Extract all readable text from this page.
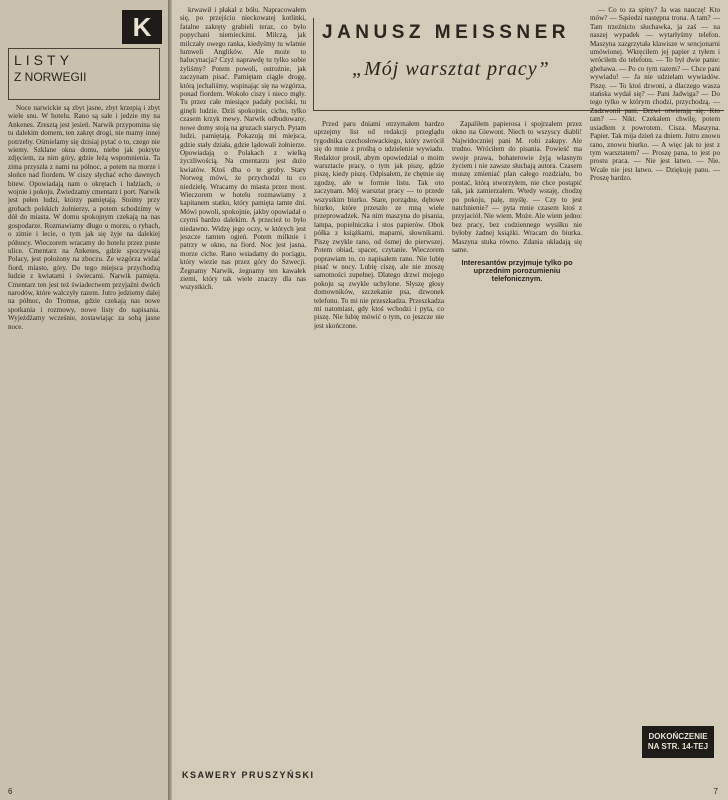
K
LISTY
Z NORWEGII

Noce narwickie są zbyt jasne, zbyt krzepią i zbyt wiele snu. W hotelu. Rano są sale i jedzie my na Ankenes. Zresztą jest jesień. Narwik przypomina się tu dalekim domem, ten zakręt drogi, nie mamy innej potrzeby. Ośmielamy się dzisiaj pytać o to, czego nie wiemy. Szklane okna domu, niebo jak pokryte zdjęciem, za nim góry, gdzie leżą wspomnienia. Ta zima przyszła z nami na północ, a potem na morze i słońce nad fiordem. W ciszy słychać echo dawnych bitew. Opowiadają nam o okrętach i ludziach, o wojnie i pokoju. Zwiedzamy cmentarz i port. Narwik jest pełen ludzi, którzy pamiętają. Stoimy przy grobach polskich żołnierzy, a potem schodzimy w dół do miasta. W domu spokojnym czekają na nas gospodarze. Rozmawiamy długo o morzu, o rybach, o zimie i lecie, o tym jak się żyje na dalekiej północy. Wieczorem wracamy do hotelu przez puste ulice. Cmentarz na Ankenes, gdzie spoczywają Polacy, jest położony na zboczu. Ze wzgórza widać fiord, miasto, góry. Do tego miejsca przychodzą ludzie z kwiatami i świecami. Narwik pamięta. Cmentarz ten jest też świadectwem przyjaźni dwóch narodów, które walczyły razem. Jutro jedziemy dalej na północ, do Tromsø, gdzie czekają nas nowe spotkania i rozmowy, nowe listy do napisania. Wyjeżdżamy wcześnie, zostawiając za sobą jasne noce.

6
JANUSZ MEISSNER
„Mój warsztat pracy”

krwawił i płakał z bólu. Napracowałem się, po przejściu nieckowatej kotlinki, fatalne zakręty grabieli teraz, co było popychani niemieckimi. Milczą, jak milczały owego ranka, kiedyśmy tu wlatnie lumweli Anglików. Ale może to halucynacja? Czyż naprawdę tu tylko sobie żyliśmy? Potem powoli, ostrożnie, jak zaczynam pisać. Pamiętam ciągle drogę, którą jechaliśmy, wspinając się na wzgórza, ponad fiordem. Wokoło ciszy i nieco mgły. Tu przez całe miesiące padały pociski, tu ginęli ludzie. Dziś spokojnie, cicho, tylko czasem krzyk mewy. Narwik odbudowany, nowe domy stoją na gruzach starych. Pytam ludzi, pamiętają. Pokazują mi miejsca, gdzie stały działa, gdzie lądowali żołnierze. Opowiadają o Polakach z wielką życzliwością. Na cmentarzu jest dużo kwiatów. Ktoś dba o te groby. Stary Norweg mówi, że przychodzi tu co niedzielę. Wracamy do miasta przez most. Wieczorem w hotelu rozmawiamy z kapitanem statku, który pamięta tamte dni. Mówi powoli, spokojnie, jakby opowiadał o czymś bardzo dalekim. A przecież to było niedawno. Widzę jego oczy, w których jest jeszcze tamten ogień. Potem milknie i patrzy w okno, na fiord. Noc jest jasna, morze ciche. Rano wsiadamy do pociągu, który wiezie nas przez góry do Szwecji. Żegnamy Narwik, żegnamy ten kawałek ziemi, który tak wiele znaczy dla nas wszystkich.

Przed paru dniami otrzymałem bardzo uprzejmy list od redakcji przeglądu tygodnika czechosłowackiego, który zwrócił się do mnie z prośbą o udzielenie wywiadu. Redaktor prosił, abym opowiedział o moim warsztacie pracy, o tym jak piszę, gdzie piszę, kiedy piszę. Odpisałem, że chętnie się zgodzę, ale w formie listu. Tak oto zaczynam. Mój warsztat pracy — to przede wszystkim biurko. Stare, porządne, dębowe biurko, które przeszło ze mną wiele przeprowadzek. Na nim maszyna do pisania, lampa, popielniczka i stos papierów. Obok półka z książkami, mapami, słownikami. Piszę zwykle rano, od ósmej do pierwszej. Potem obiad, spacer, czytanie. Wieczorem poprawiam to, co napisałem rano. Nie lubię pisać w nocy. Lubię ciszę, ale nie znoszę samotności zupełnej. Dlatego drzwi mojego pokoju są zwykle uchylone. Słyszę głosy domowników, szczekanie psa, dzwonek telefonu. To mi nie przeszkadza. Przeszkadza mi natomiast, gdy ktoś wchodzi i pyta, co piszę. Nie lubię mówić o tym, co jeszcze nie jest skończone.

Zapaliłem papierosa i spojrzałem przez okno na Giewont. Niech to wszyscy diabli! Najwidoczniej pani M. robi zakupy. Ale trudno. Wróciłem do pisania. Powieść ma swoje prawa, bohaterowie żyją własnym życiem i nie zawsze słuchają autora. Czasem muszę zmieniać plan całego rozdziału, bo postać, którą stworzyłem, nie chce postąpić tak, jak zamierzałem. Wtedy wstaję, chodzę po pokoju, palę, myślę. — Czy to jest natchnienie? — pyta mnie czasem ktoś z przyjaciół. Nie wiem. Może. Ale wiem jedno: bez pracy, bez codziennego wysiłku nie byłoby żadnej książki. Wracam do biurka. Maszyna stuka równo. Zdania układają się same.

Interesantów przyjmuje tylko po uprzednim porozumieniu telefonicznym.

— Co to za spiny? Ja was nauczę! Kto mów? — Sąsiedzi następna trona. A tam? — Tam trzeźnicto słuchawka, ja zaś — na naszej wypadek — wytarłyśmy telefon. Maszyna zazgrzytała klawisze w sencjonarni umówionej. Wkręciłem jej papier z tyłem i wróciłem do telefonu. — To był dwie panie: ghehawa. — Po co tym razem? — Chce pani wywiadu! — Ja nie udzielam wywiadów. Piszę. — To ktoś dzwoni, a dlaczego wasza stańska wydał się? — Pani Jadwiga? — Do tego tylko w którym chodzi, przychodzą. — Zadzwonił pani. Drzwi otwierają się. Kto tam? — Nikt. Czekałem chwilę, potem usiadłem z powrotem. Cisza. Maszyna. Papier. Tak mija dzień za dniem. Jutro znowu rano, znowu biurko. — A więc jak to jest z tym warsztatem? — Proszę pana, to jest po prostu praca. — Nie jest łatwo. — Nie. Wcale nie jest łatwo. — Dziękuję panu. — Proszę bardzo.

KSAWERY PRUSZYŃSKI
DOKOŃCZENIE NA STR. 14-TEJ
7
